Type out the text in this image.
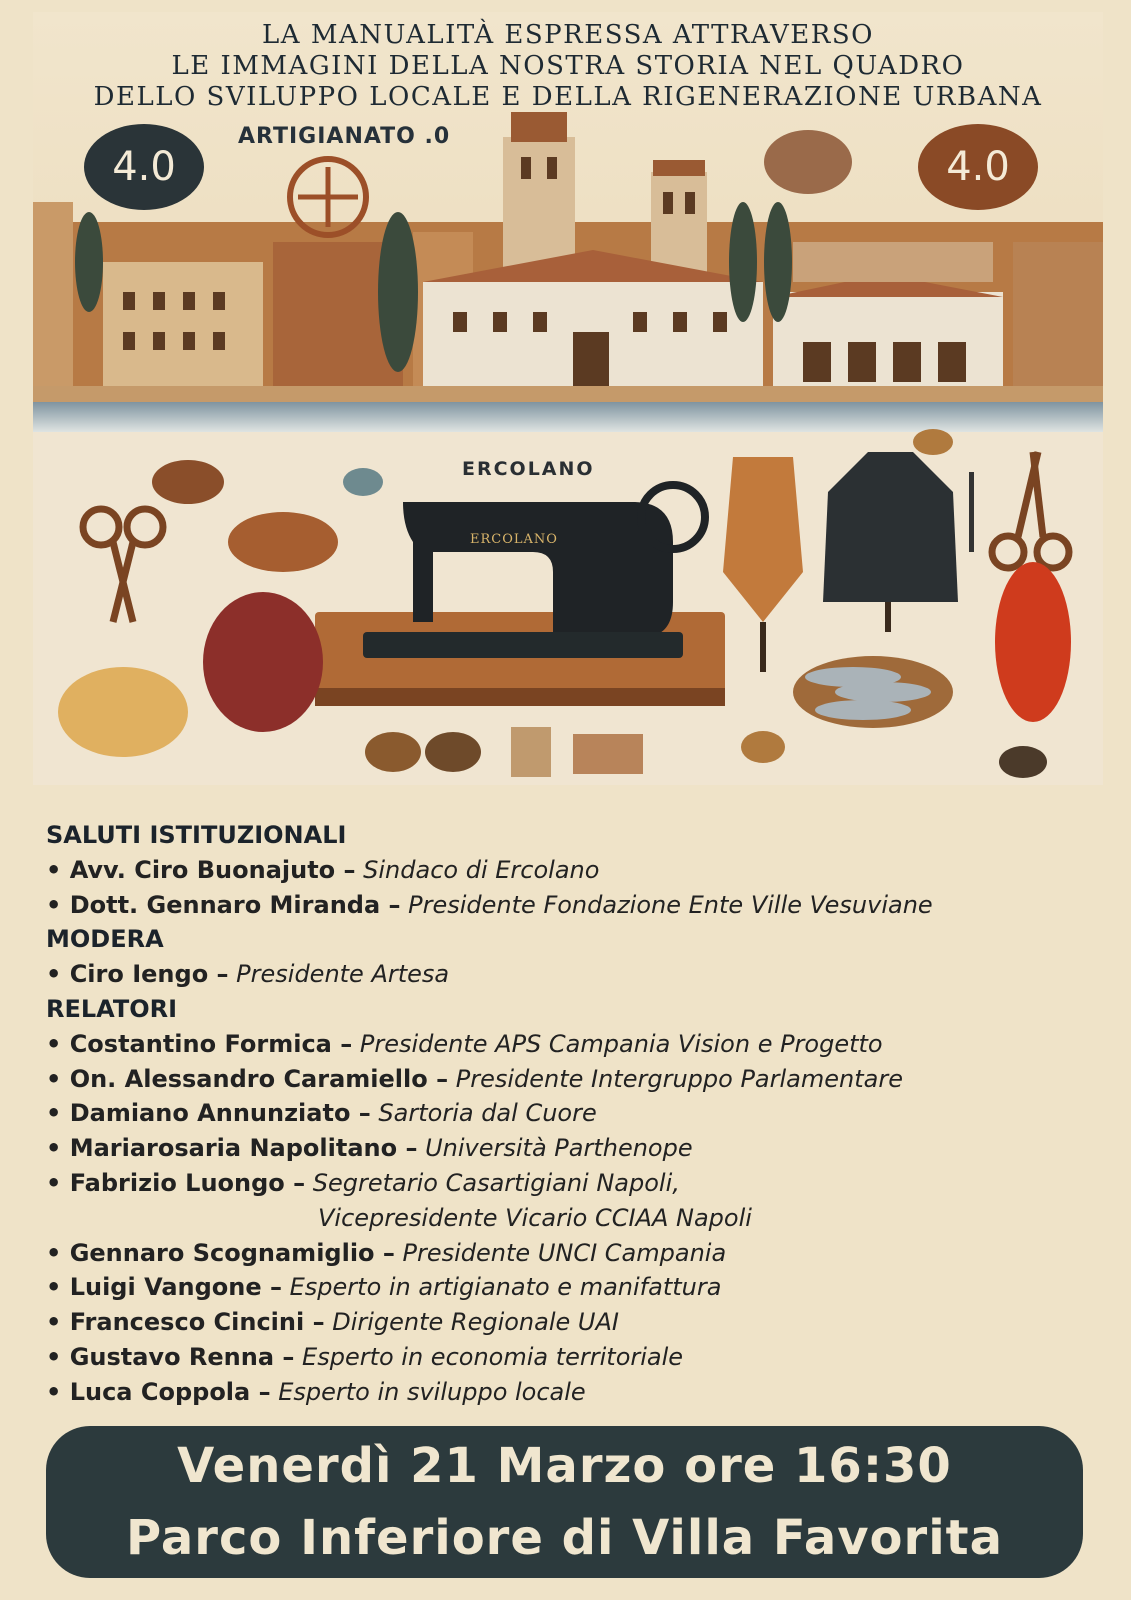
LA MANUALITÀ ESPRESSA ATTRAVERSO
LE IMMAGINI DELLA NOSTRA STORIA NEL QUADRO
DELLO SVILUPPO LOCALE E DELLA RIGENERAZIONE URBANA
4.0	4.0
ARTIGIANATO .0
ERCOLANO
ERCOLANO
SALUTI ISTITUZIONALI
• Avv. Ciro Buonajuto – Sindaco di Ercolano
• Dott. Gennaro Miranda – Presidente Fondazione Ente Ville Vesuviane
MODERA
• Ciro Iengo – Presidente Artesa
RELATORI
• Costantino Formica – Presidente APS Campania Vision e Progetto
• On. Alessandro Caramiello – Presidente Intergruppo Parlamentare
• Damiano Annunziato – Sartoria dal Cuore
• Mariarosaria Napolitano – Università Parthenope
• Fabrizio Luongo – Segretario Casartigiani Napoli,
Vicepresidente Vicario CCIAA Napoli
• Gennaro Scognamiglio – Presidente UNCI Campania
• Luigi Vangone – Esperto in artigianato e manifattura
• Francesco Cincini – Dirigente Regionale UAI
• Gustavo Renna – Esperto in economia territoriale
• Luca Coppola – Esperto in sviluppo locale
Venerdì 21 Marzo ore 16:30
Parco Inferiore di Villa Favorita
